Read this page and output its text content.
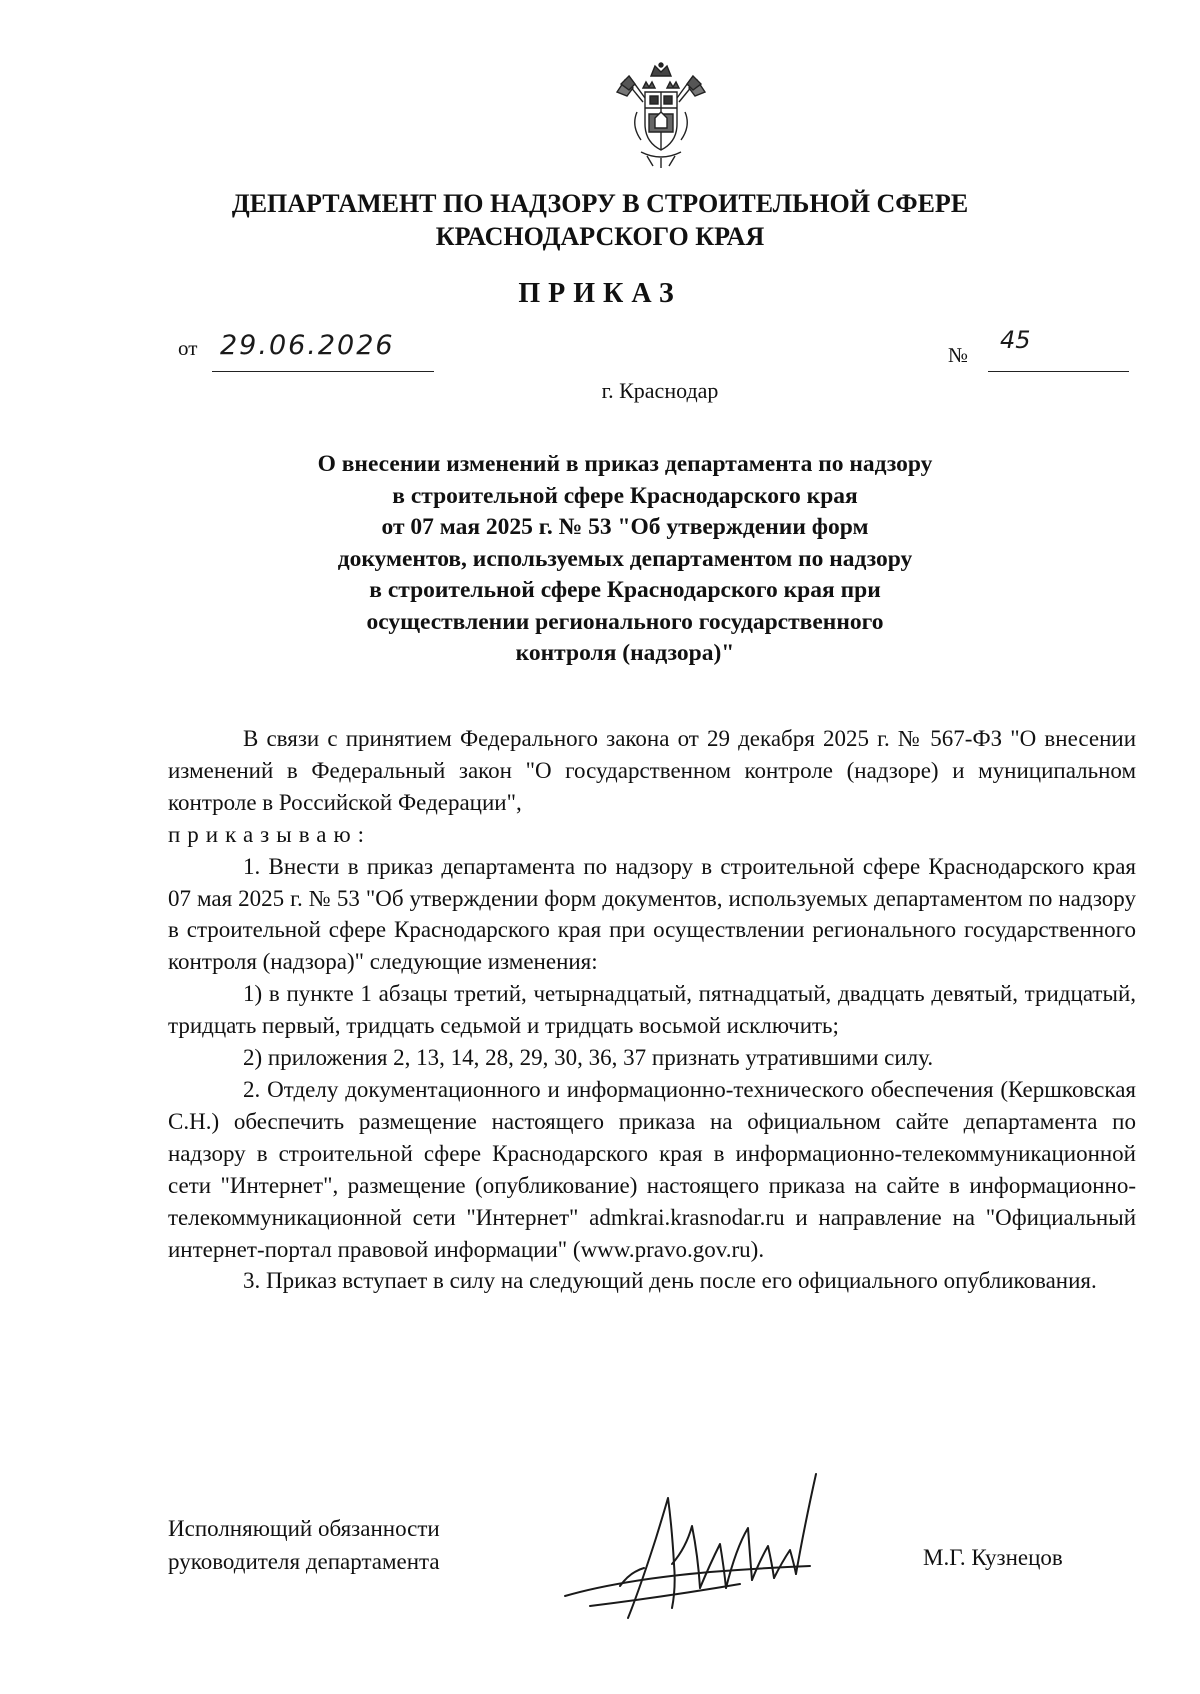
ДЕПАРТАМЕНТ ПО НАДЗОРУ В СТРОИТЕЛЬНОЙ СФЕРЕ
КРАСНОДАРСКОГО КРАЯ
ПРИКАЗ
от 29.06.2026	№
45
г. Краснодар
О внесении изменений в приказ департамента по надзору
в строительной сфере Краснодарского края
от 07 мая 2025 г. № 53 "Об утверждении форм
документов, используемых департаментом по надзору
в строительной сфере Краснодарского края при
осуществлении регионального государственного
контроля (надзора)"

В связи с принятием Федерального закона от 29 декабря 2025 г. № 567-ФЗ "О внесении изменений в Федеральный закон "О государственном контроле (надзоре) и муниципальном контроле в Российской Федерации",

приказываю:

1. Внести в приказ департамента по надзору в строительной сфере Краснодарского края 07 мая 2025 г. № 53 "Об утверждении форм документов, используемых департаментом по надзору в строительной сфере Краснодарского края при осуществлении регионального государственного контроля (надзора)" следующие изменения:

1) в пункте 1 абзацы третий, четырнадцатый, пятнадцатый, двадцать девятый, тридцатый, тридцать первый, тридцать седьмой и тридцать восьмой исключить;

2) приложения 2, 13, 14, 28, 29, 30, 36, 37 признать утратившими силу.

2. Отделу документационного и информационно-технического обеспечения (Кершковская С.Н.) обеспечить размещение настоящего приказа на официальном сайте департамента по надзору в строительной сфере Краснодарского края в информационно-телекоммуникационной сети "Интернет", размещение (опубликование) настоящего приказа на сайте в информационно-телекоммуникационной сети "Интернет" admkrai.krasnodar.ru и направление на "Официальный интернет-портал правовой информации" (www.pravo.gov.ru).

3. Приказ вступает в силу на следующий день после его официального опубликования.

Исполняющий обязанности
руководителя департамента	М.Г. Кузнецов
